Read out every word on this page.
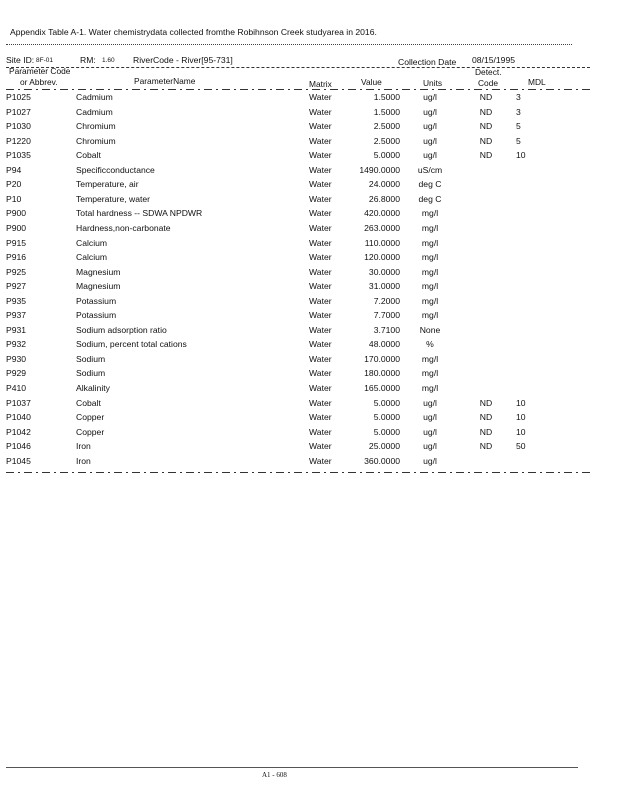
Appendix Table A-1. Water chemistrydata collected fromthe Robihnson Creek studyarea in 2016.
Site ID: 8F-01	RM: 1.60 RiverCode - River[95-731]	Collection Date 08/15/1995
Parameter Code
or Abbrev.	ParameterName	Matrix	Value	Units
Detect.
Code	MDL
P1025	Cadmium	Water	1.5000	ug/l	ND	3
P1027	Cadmium	Water	1.5000	ug/l	ND	3
P1030	Chromium	Water	2.5000	ug/l	ND	5
P1220	Chromium	Water	2.5000	ug/l	ND	5
P1035	Cobalt	Water	5.0000	ug/l	ND	10
P94	Specificconductance	Water	1490.0000	uS/cm
P20	Temperature, air	Water	24.0000	deg C
P10	Temperature, water	Water	26.8000	deg C
P900	Total hardness -- SDWA NPDWR	Water	420.0000	mg/l
P900	Hardness,non-carbonate	Water	263.0000	mg/l
P915	Calcium	Water	110.0000	mg/l
P916	Calcium	Water	120.0000	mg/l
P925	Magnesium	Water	30.0000	mg/l
P927	Magnesium	Water	31.0000	mg/l
P935	Potassium	Water	7.2000	mg/l
P937	Potassium	Water	7.7000	mg/l
P931	Sodium adsorption ratio	Water	3.7100	None
P932	Sodium, percent total cations	Water	48.0000	%
P930	Sodium	Water	170.0000	mg/l
P929	Sodium	Water	180.0000	mg/l
P410	Alkalinity	Water	165.0000	mg/l
P1037	Cobalt	Water	5.0000	ug/l	ND	10
P1040	Copper	Water	5.0000	ug/l	ND	10
P1042	Copper	Water	5.0000	ug/l	ND	10
P1046	Iron	Water	25.0000	ug/l	ND	50
P1045	Iron	Water	360.0000	ug/l
A1 - 608
